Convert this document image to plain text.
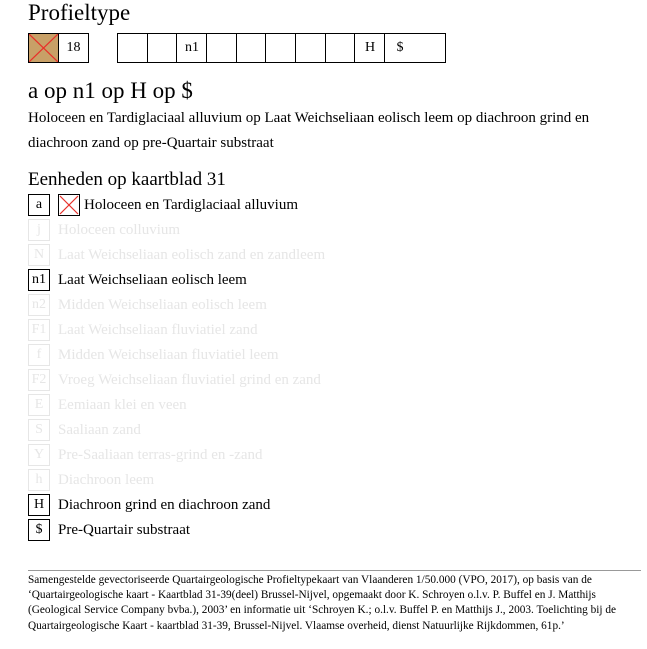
Profieltype
18	n1	H	$
a op n1 op H op $
Holoceen en Tardiglaciaal alluvium op Laat Weichseliaan eolisch leem op diachroon grind en diachroon zand op pre-Quartair substraat
Eenheden op kaartblad 31
a	Holoceen en Tardiglaciaal alluvium
j	Holoceen colluvium
N Laat Weichseliaan eolisch zand en zandleem
n1 Laat Weichseliaan eolisch leem
n2 Midden Weichseliaan eolisch leem
F1 Laat Weichseliaan fluviatiel zand
f	Midden Weichseliaan fluviatiel leem
F2 Vroeg Weichseliaan fluviatiel grind en zand
E Eemiaan klei en veen
S	Saaliaan zand
Y Pre-Saaliaan terras-grind en -zand
h	Diachroon leem
H Diachroon grind en diachroon zand
$	Pre-Quartair substraat
Samengestelde gevectoriseerde Quartairgeologische Profieltypekaart van Vlaanderen 1/50.000 (VPO, 2017), op basis van de ‘Quartairgeologische kaart - Kaartblad 31-39(deel) Brussel-Nijvel, opgemaakt door K. Schroyen o.l.v. P. Buffel en J. Matthijs (Geological Service Company bvba.), 2003’ en informatie uit ‘Schroyen K.; o.l.v. Buffel P. en Matthijs J., 2003. Toelichting bij de Quartairgeologische Kaart - kaartblad 31-39, Brussel-Nijvel. Vlaamse overheid, dienst Natuurlijke Rijkdommen, 61p.’
